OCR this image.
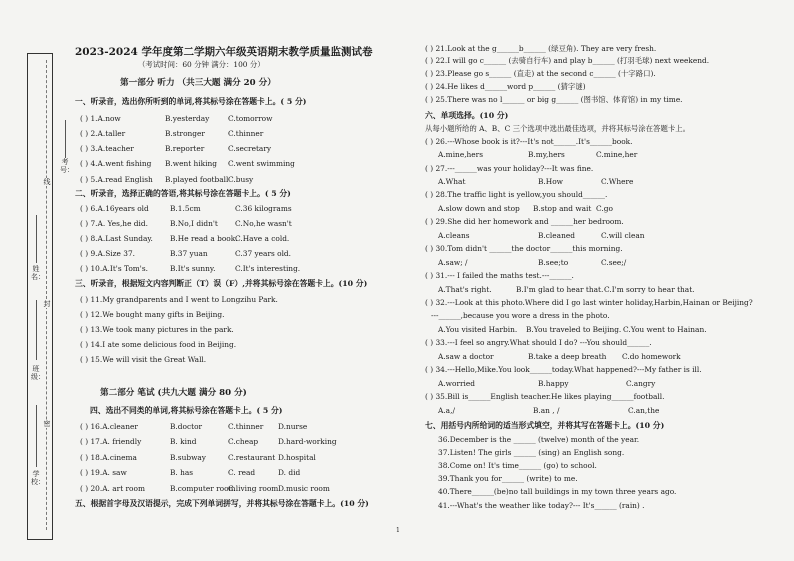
考号：
姓名：
班级：
学校：
线
封
密
2023-2024 学年度第二学期六年级英语期末教学质量监测试卷
（考试时间：60 分钟 满分：100 分）
第一部分 听力 （共三大题 满分 20 分）
一、听录音，选出你所听到的单词,将其标号涂在答题卡上。( 5 分)
( ) 1.A.now	B.yesterday	C.tomorrow
( ) 2.A.taller	B.stronger	C.thinner
( ) 3.A.teacher	B.reporter	C.secretary
( ) 4.A.went fishing B.went hiking C.went swimming
( ) 5.A.read English B.played football C.busy
二、听录音，选择正确的答语,将其标号涂在答题卡上。( 5 分)
( ) 6.A.16years old	B.1.5cm	C.36 kilograms
( ) 7.A. Yes,he did.	B.No,I didn't C.No,he wasn't
( ) 8.A.Last Sunday. B.He read a book.
C.Have a cold.
( ) 9.A.Size 37.	B.37 yuan	C.37 years old.
( ) 10.A.It's Tom's.	B.It's sunny.	C.It's interesting.
三、听录音，根据短文内容判断正（T）误（F）,并将其标号涂在答题卡上。(10 分)
( ) 11.My grandparents and I went to Longzihu Park.
( ) 12.We bought many gifts in Beijing.
( ) 13.We took many pictures in the park.
( ) 14.I ate some delicious food in Beijing.
( ) 15.We will visit the Great Wall.
第二部分 笔试 (共九大题 满分 80 分)
四、选出不同类的单词,将其标号涂在答题卡上。( 5 分)
( ) 16.A.cleaner	B.doctor	C.thinner D.nurse
( ) 17.A. friendly	B. kind	C.cheap	D.hard-working
( ) 18.A.cinema	B.subway	C.restaurant D.hospital
( ) 19.A. saw	B. has	C. read	D. did
( ) 20.A. art room	B.computer room
C.living room D.music room
五、根据首字母及汉语提示，完成下列单词拼写，并将其标号涂在答题卡上。(10 分)
( ) 21.Look at the g______b______ (绿豆角). They are very fresh.
( ) 22.I will go c______ (去骑自行车) and play b______ (打羽毛球) next weekend.
( ) 23.Please go s______ (直走) at the second c______ (十字路口).
( ) 24.He likes d______word p______ (猜字谜)
( ) 25.There was no l______ or big g______ (图书馆、体育馆) in my time.
六、单项选择。(10 分)
从每小题所给的 A、B、C 三个选项中选出最佳选项，并将其标号涂在答题卡上。
( ) 26.---Whose book is it?---It's not______.It's______book.
A.mine,hers	B.my,hers	C.mine,her
( ) 27.---______was your holiday?---It was fine.
A.What	B.How	C.Where
( ) 28.The traffic light is yellow,you should______.
A.slow down and stop B.stop and wait C.go
( ) 29.She did her homework and ______her bedroom.
A.cleans	B.cleaned	C.will clean
( ) 30.Tom didn't ______the doctor______this morning.
A.saw; /	B.see;to	C.see;/
( ) 31.--- I failed the maths test.---______.
A.That's right.	B.I'm glad to hear that. C.I'm sorry to hear that.
( ) 32.---Look at this photo.Where did I go last winter holiday,Harbin,Hainan or Beijing?
---______,because you wore a dress in the photo.
A.You visited Harbin. B.You traveled to Beijing. C.You went to Hainan.
( ) 33.---I feel so angry.What should I do? ---You should______.
A.saw a doctor	B.take a deep breath C.do homework
( ) 34.---Hello,Mike.You look______today.What happened?---My father is ill.
A.worried	B.happy	C.angry
( ) 35.Bill is______English teacher.He likes playing______football.
A.a,/	B.an , /	C.an,the
七、用括号内所给词的适当形式填空，并将其写在答题卡上。(10 分)
36.December is the ______ (twelve) month of the year.
37.Listen! The girls ______ (sing) an English song.
38.Come on! It's time______ (go) to school.
39.Thank you for______ (write) to me.
40.There______(be)no tall buildings in my town three years ago.
41.---What's the weather like today?--- It's______ (rain) .
1
